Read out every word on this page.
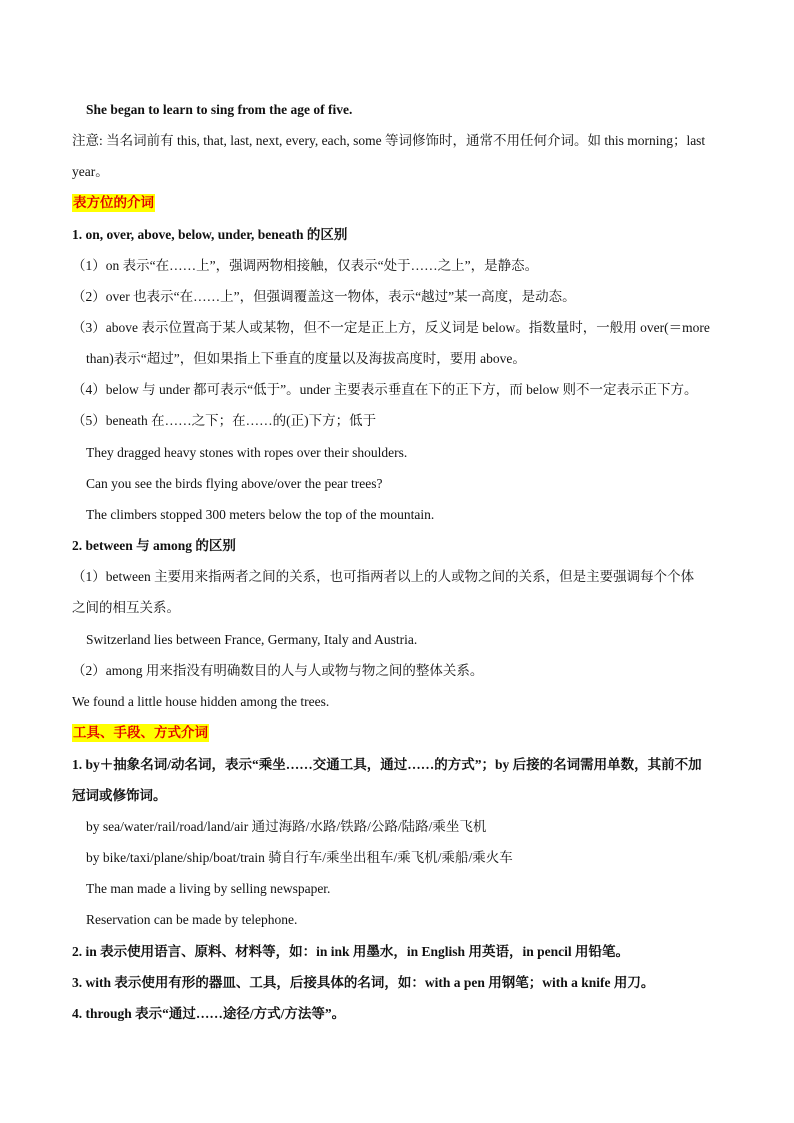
She began to learn to sing from the age of five.
注意: 当名词前有 this, that, last, next, every, each, some 等词修饰时，通常不用任何介词。如 this morning；last
year。
表方位的介词
1. on, over, above, below, under, beneath 的区别
（1）on 表示“在……上”，强调两物相接触，仅表示“处于……之上”，是静态。
（2）over 也表示“在……上”，但强调覆盖这一物体，表示“越过”某一高度，是动态。
（3）above 表示位置高于某人或某物，但不一定是正上方，反义词是 below。指数量时，一般用 over(＝more
than)表示“超过”，但如果指上下垂直的度量以及海拔高度时，要用 above。
（4）below 与 under 都可表示“低于”。under 主要表示垂直在下的正下方，而 below 则不一定表示正下方。
（5）beneath 在……之下；在……的(正)下方；低于
They dragged heavy stones with ropes over their shoulders.
Can you see the birds flying above/over the pear trees?
The climbers stopped 300 meters below the top of the mountain.
2. between 与 among 的区别
（1）between 主要用来指两者之间的关系，也可指两者以上的人或物之间的关系，但是主要强调每个个体
之间的相互关系。
Switzerland lies between France, Germany, Italy and Austria.
（2）among 用来指没有明确数目的人与人或物与物之间的整体关系。
We found a little house hidden among the trees.
工具、手段、方式介词
1. by＋抽象名词/动名词，表示“乘坐……交通工具，通过……的方式”；by 后接的名词需用单数，其前不加
冠词或修饰词。
by sea/water/rail/road/land/air 通过海路/水路/铁路/公路/陆路/乘坐飞机
by bike/taxi/plane/ship/boat/train 骑自行车/乘坐出租车/乘飞机/乘船/乘火车
The man made a living by selling newspaper.
Reservation can be made by telephone.
2. in 表示使用语言、原料、材料等，如：in ink 用墨水，in English 用英语，in pencil 用铅笔。
3. with 表示使用有形的器皿、工具，后接具体的名词，如：with a pen 用钢笔；with a knife 用刀。
4. through 表示“通过……途径/方式/方法等”。
